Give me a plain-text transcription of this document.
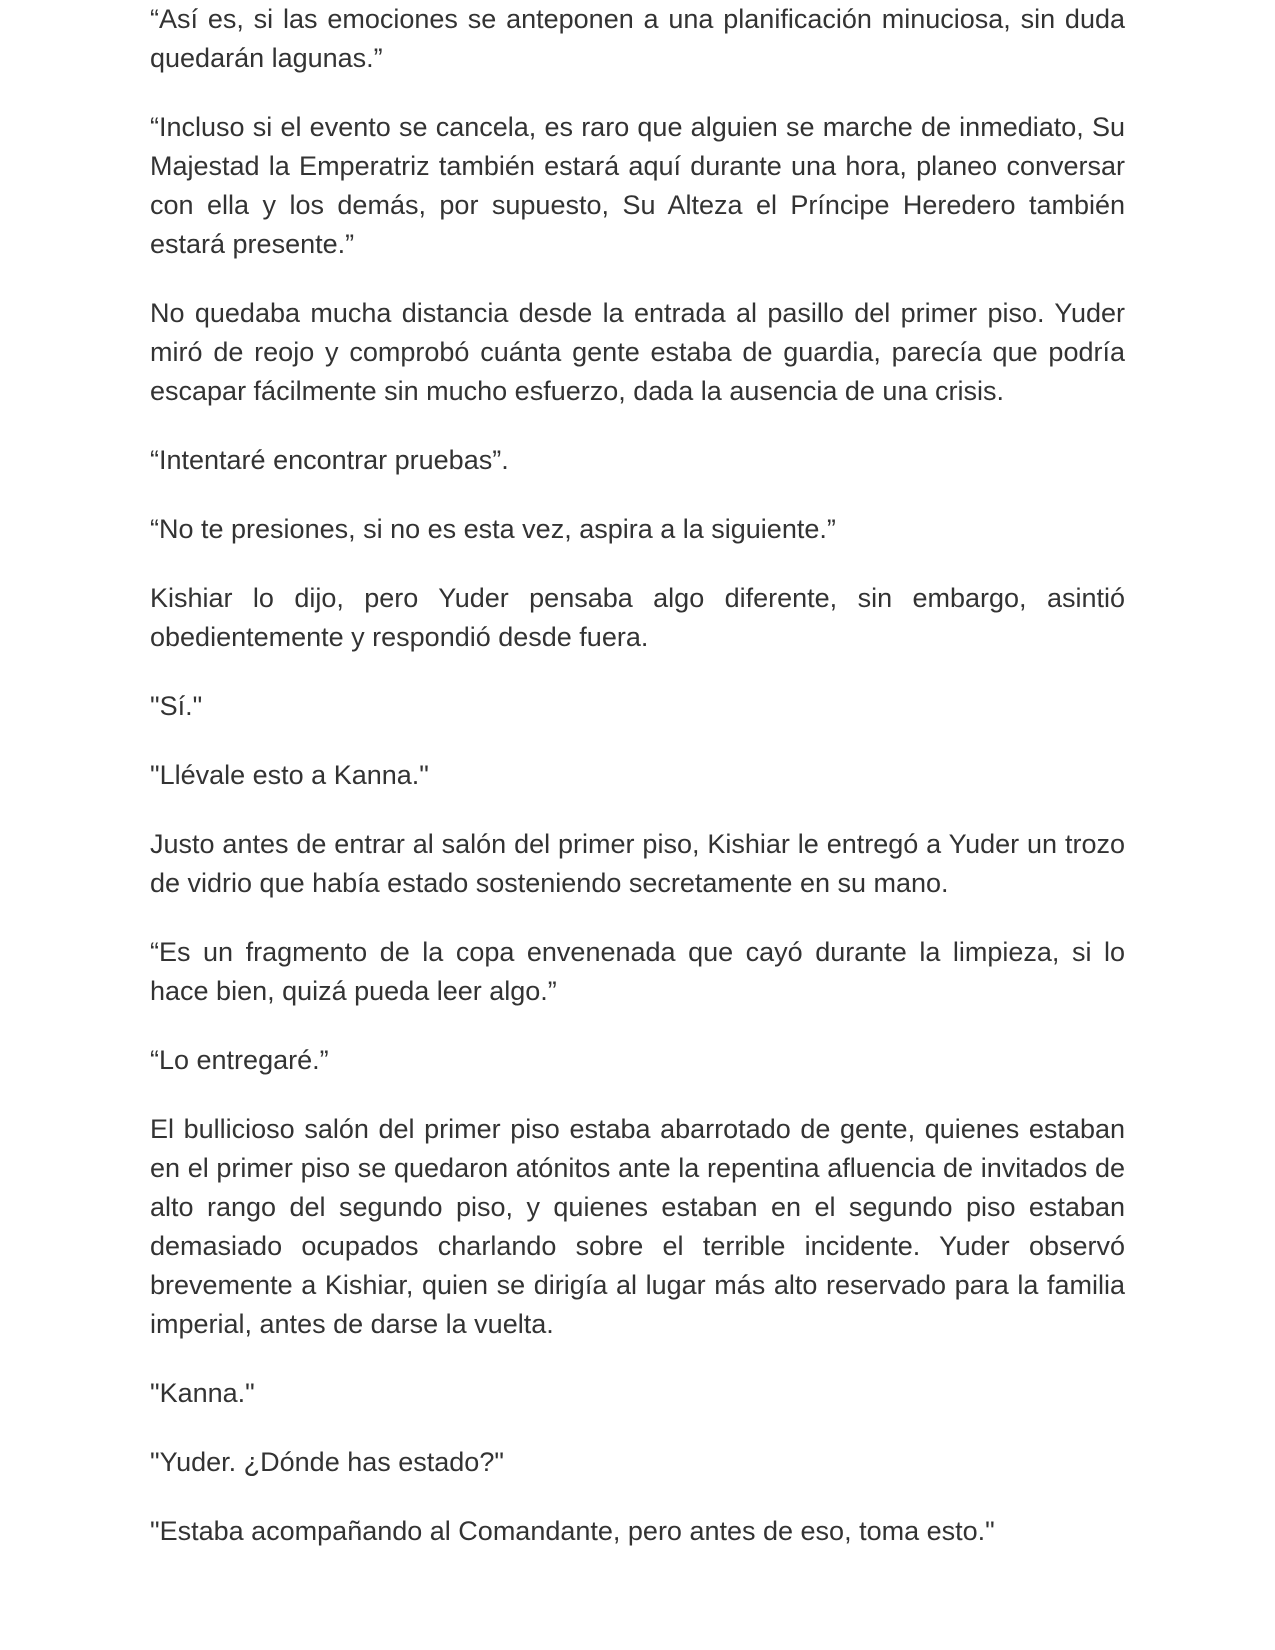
“Así es, si las emociones se anteponen a una planificación minuciosa, sin duda quedarán lagunas.”

“Incluso si el evento se cancela, es raro que alguien se marche de inmediato, Su Majestad la Emperatriz también estará aquí durante una hora, planeo conversar con ella y los demás, por supuesto, Su Alteza el Príncipe Heredero también estará presente.”

No quedaba mucha distancia desde la entrada al pasillo del primer piso. Yuder miró de reojo y comprobó cuánta gente estaba de guardia, parecía que podría escapar fácilmente sin mucho esfuerzo, dada la ausencia de una crisis.

“Intentaré encontrar pruebas”.

“No te presiones, si no es esta vez, aspira a la siguiente.”

Kishiar lo dijo, pero Yuder pensaba algo diferente, sin embargo, asintió obedientemente y respondió desde fuera.

"Sí."

"Llévale esto a Kanna."

Justo antes de entrar al salón del primer piso, Kishiar le entregó a Yuder un trozo de vidrio que había estado sosteniendo secretamente en su mano.

“Es un fragmento de la copa envenenada que cayó durante la limpieza, si lo hace bien, quizá pueda leer algo.”

“Lo entregaré.”

El bullicioso salón del primer piso estaba abarrotado de gente, quienes estaban en el primer piso se quedaron atónitos ante la repentina afluencia de invitados de alto rango del segundo piso, y quienes estaban en el segundo piso estaban demasiado ocupados charlando sobre el terrible incidente. Yuder observó brevemente a Kishiar, quien se dirigía al lugar más alto reservado para la familia imperial, antes de darse la vuelta.

"Kanna."

"Yuder. ¿Dónde has estado?"

"Estaba acompañando al Comandante, pero antes de eso, toma esto."
